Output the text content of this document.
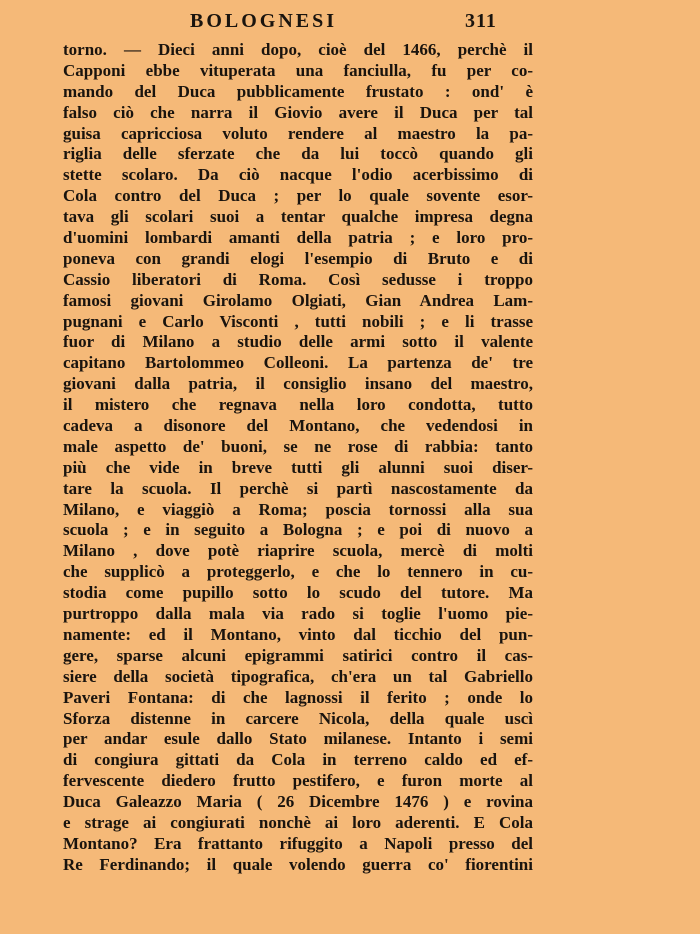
BOLOGNESI	311
torno. — Dieci anni dopo, cioè del 1466, perchè il
Capponi ebbe vituperata una fanciulla, fu per co-
mando del Duca pubblicamente frustato : ond' è
falso ciò che narra il Giovio avere il Duca per tal
guisa capricciosa voluto rendere al maestro la pa-
riglia delle sferzate che da lui toccò quando gli
stette scolaro. Da ciò nacque l'odio acerbissimo di
Cola contro del Duca ; per lo quale sovente esor-
tava gli scolari suoi a tentar qualche impresa degna
d'uomini lombardi amanti della patria ; e loro pro-
poneva con grandi elogi l'esempio di Bruto e di
Cassio liberatori di Roma. Così sedusse i troppo
famosi giovani Girolamo Olgiati, Gian Andrea Lam-
pugnani e Carlo Visconti , tutti nobili ; e li trasse
fuor di Milano a studio delle armi sotto il valente
capitano Bartolommeo Colleoni. La partenza de' tre
giovani dalla patria, il consiglio insano del maestro,
il mistero che regnava nella loro condotta, tutto
cadeva a disonore del Montano, che vedendosi in
male aspetto de' buoni, se ne rose di rabbia: tanto
più che vide in breve tutti gli alunni suoi diser-
tare la scuola. Il perchè si partì nascostamente da
Milano, e viaggiò a Roma; poscia tornossi alla sua
scuola ; e in seguito a Bologna ; e poi di nuovo a
Milano , dove potè riaprire scuola, mercè di molti
che supplicò a proteggerlo, e che lo tennero in cu-
stodia come pupillo sotto lo scudo del tutore. Ma
purtroppo dalla mala via rado si toglie l'uomo pie-
namente: ed il Montano, vinto dal ticchio del pun-
gere, sparse alcuni epigrammi satirici contro il cas-
siere della società tipografica, ch'era un tal Gabriello
Paveri Fontana: di che lagnossi il ferito ; onde lo
Sforza distenne in carcere Nicola, della quale uscì
per andar esule dallo Stato milanese. Intanto i semi
di congiura gittati da Cola in terreno caldo ed ef-
fervescente diedero frutto pestifero, e furon morte al
Duca Galeazzo Maria ( 26 Dicembre 1476 ) e rovina
e strage ai congiurati nonchè ai loro aderenti. E Cola
Montano? Era frattanto rifuggito a Napoli presso del
Re Ferdinando; il quale volendo guerra co' fiorentini
